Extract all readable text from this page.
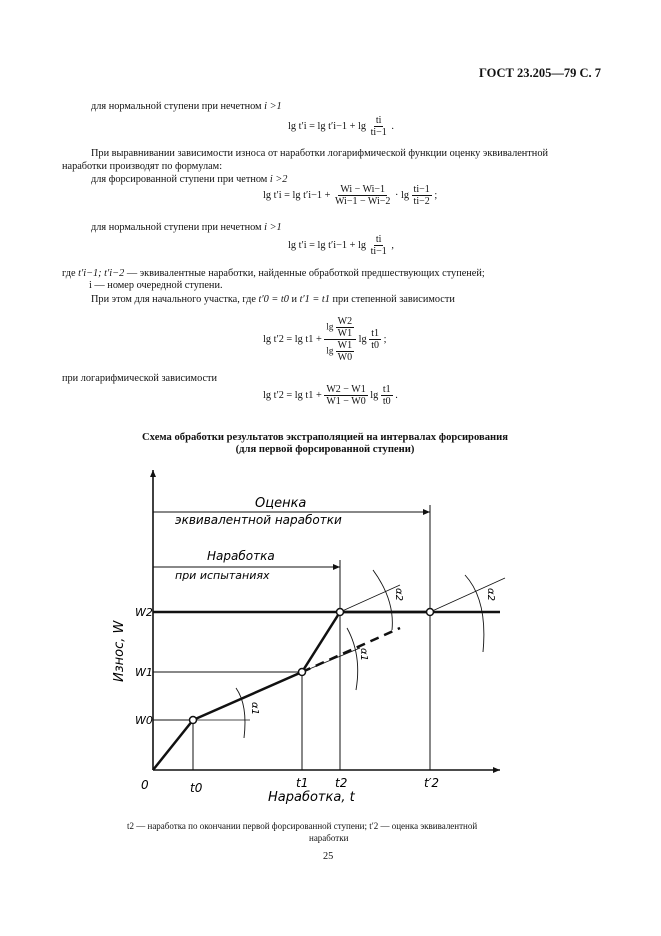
ГОСТ 23.205—79 С. 7
для нормальной ступени при нечетном i >1
$\lg t'i = \lg t'i-1 + \lg \frac{ti}{ti-1}$ .
При выравнивании зависимости износа от наработки логарифмической функции оценку эквивалентной
наработки производят по формулам:
для форсированной ступени при четном i >2
$\lg t'i = \lg t'i-1 + \frac{Wi - Wi-1}{Wi-1 - Wi-2} \cdot \lg \frac{ti-1}{ti-2}$ ;
для нормальной ступени при нечетном i >1
$\lg t'i = \lg t'i-1 + \lg \frac{ti}{ti-1}$ ,
где t′i−1; t′i−2 — эквивалентные наработки, найденные обработкой предшествующих ступеней;
i — номер очередной ступени.
При этом для начального участка, где t′0 = t0 и t′1 = t1 при степенной зависимости
$\lg t'2 = \lg t1 + \frac{\lg \frac{W2}{W1}}{\lg \frac{W1}{W0}}$ $\lg \frac{t1}{t0}$ ;
при логарифмической зависимости
$\lg t'2 = \lg t1 + \frac{W2 - W1}{W1 - W0}$ $\lg \frac{t1}{t0}$ .
Схема обработки результатов экстраполяцией на интервалах форсирования
(для первой форсированной ступени)
Оценка
эквивалентной наработки
Наработка
при испытаниях
Износ, W
Наработка, t
0
W0
W1
W2
t0	t1 t2	t′2
α1
α1
α2	α2
t2 — наработка по окончании первой форсированной ступени; t′2 — оценка эквивалентной
наработки
25
